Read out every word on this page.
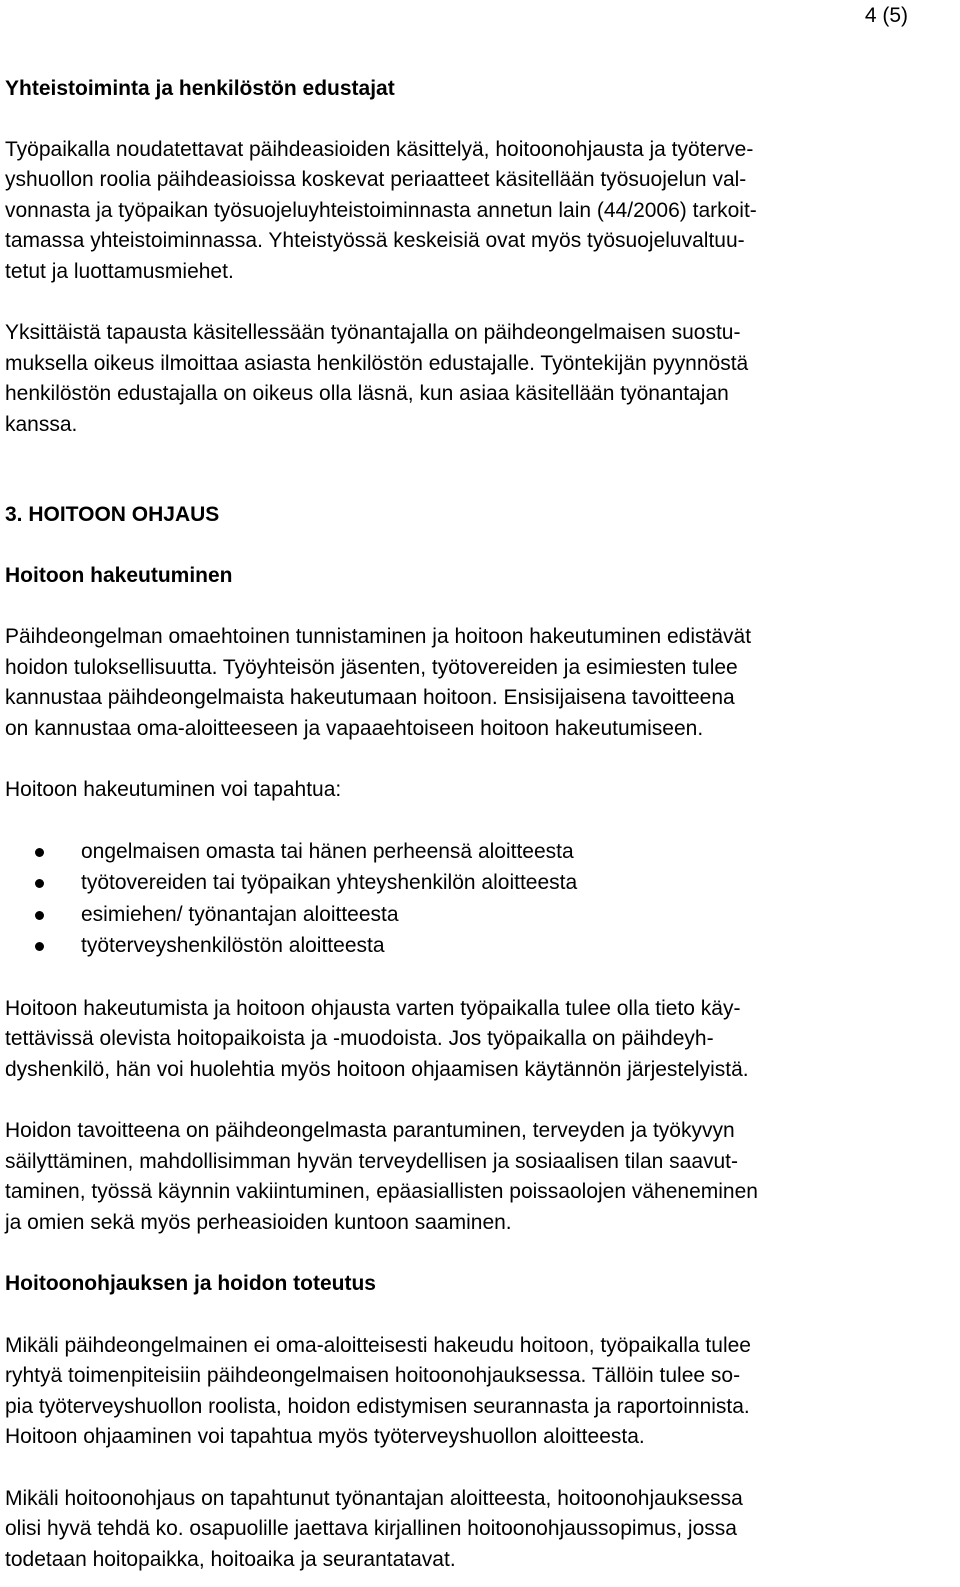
4 (5)

Yhteistoiminta ja henkilöstön edustajat

Työpaikalla noudatettavat päihdeasioiden käsittelyä, hoitoonohjausta ja työterve-
yshuollon roolia päihdeasioissa koskevat periaatteet käsitellään työsuojelun val-
vonnasta ja työpaikan työsuojeluyhteistoiminnasta annetun lain (44/2006) tarkoit-
tamassa yhteistoiminnassa. Yhteistyössä keskeisiä ovat myös työsuojeluvaltuu-
tetut ja luottamusmiehet.

Yksittäistä tapausta käsitellessään työnantajalla on päihdeongelmaisen suostu-
muksella oikeus ilmoittaa asiasta henkilöstön edustajalle. Työntekijän pyynnöstä
henkilöstön edustajalla on oikeus olla läsnä, kun asiaa käsitellään työnantajan
kanssa.

3. HOITOON OHJAUS

Hoitoon hakeutuminen

Päihdeongelman omaehtoinen tunnistaminen ja hoitoon hakeutuminen edistävät
hoidon tuloksellisuutta. Työyhteisön jäsenten, työtovereiden ja esimiesten tulee
kannustaa päihdeongelmaista hakeutumaan hoitoon. Ensisijaisena tavoitteena
on kannustaa oma-aloitteeseen ja vapaaehtoiseen hoitoon hakeutumiseen.

Hoitoon hakeutuminen voi tapahtua:

ongelmaisen omasta tai hänen perheensä aloitteesta
työtovereiden tai työpaikan yhteyshenkilön aloitteesta
esimiehen/ työnantajan aloitteesta
työterveyshenkilöstön aloitteesta

Hoitoon hakeutumista ja hoitoon ohjausta varten työpaikalla tulee olla tieto käy-
tettävissä olevista hoitopaikoista ja -muodoista. Jos työpaikalla on päihdeyh-
dyshenkilö, hän voi huolehtia myös hoitoon ohjaamisen käytännön järjestelyistä.

Hoidon tavoitteena on päihdeongelmasta parantuminen, terveyden ja työkyvyn
säilyttäminen, mahdollisimman hyvän terveydellisen ja sosiaalisen tilan saavut-
taminen, työssä käynnin vakiintuminen, epäasiallisten poissaolojen väheneminen
ja omien sekä myös perheasioiden kuntoon saaminen.

Hoitoonohjauksen ja hoidon toteutus

Mikäli päihdeongelmainen ei oma-aloitteisesti hakeudu hoitoon, työpaikalla tulee
ryhtyä toimenpiteisiin päihdeongelmaisen hoitoonohjauksessa. Tällöin tulee so-
pia työterveyshuollon roolista, hoidon edistymisen seurannasta ja raportoinnista.
Hoitoon ohjaaminen voi tapahtua myös työterveyshuollon aloitteesta.

Mikäli hoitoonohjaus on tapahtunut työnantajan aloitteesta, hoitoonohjauksessa
olisi hyvä tehdä ko. osapuolille jaettava kirjallinen hoitoonohjaussopimus, jossa
todetaan hoitopaikka, hoitoaika ja seurantatavat.
